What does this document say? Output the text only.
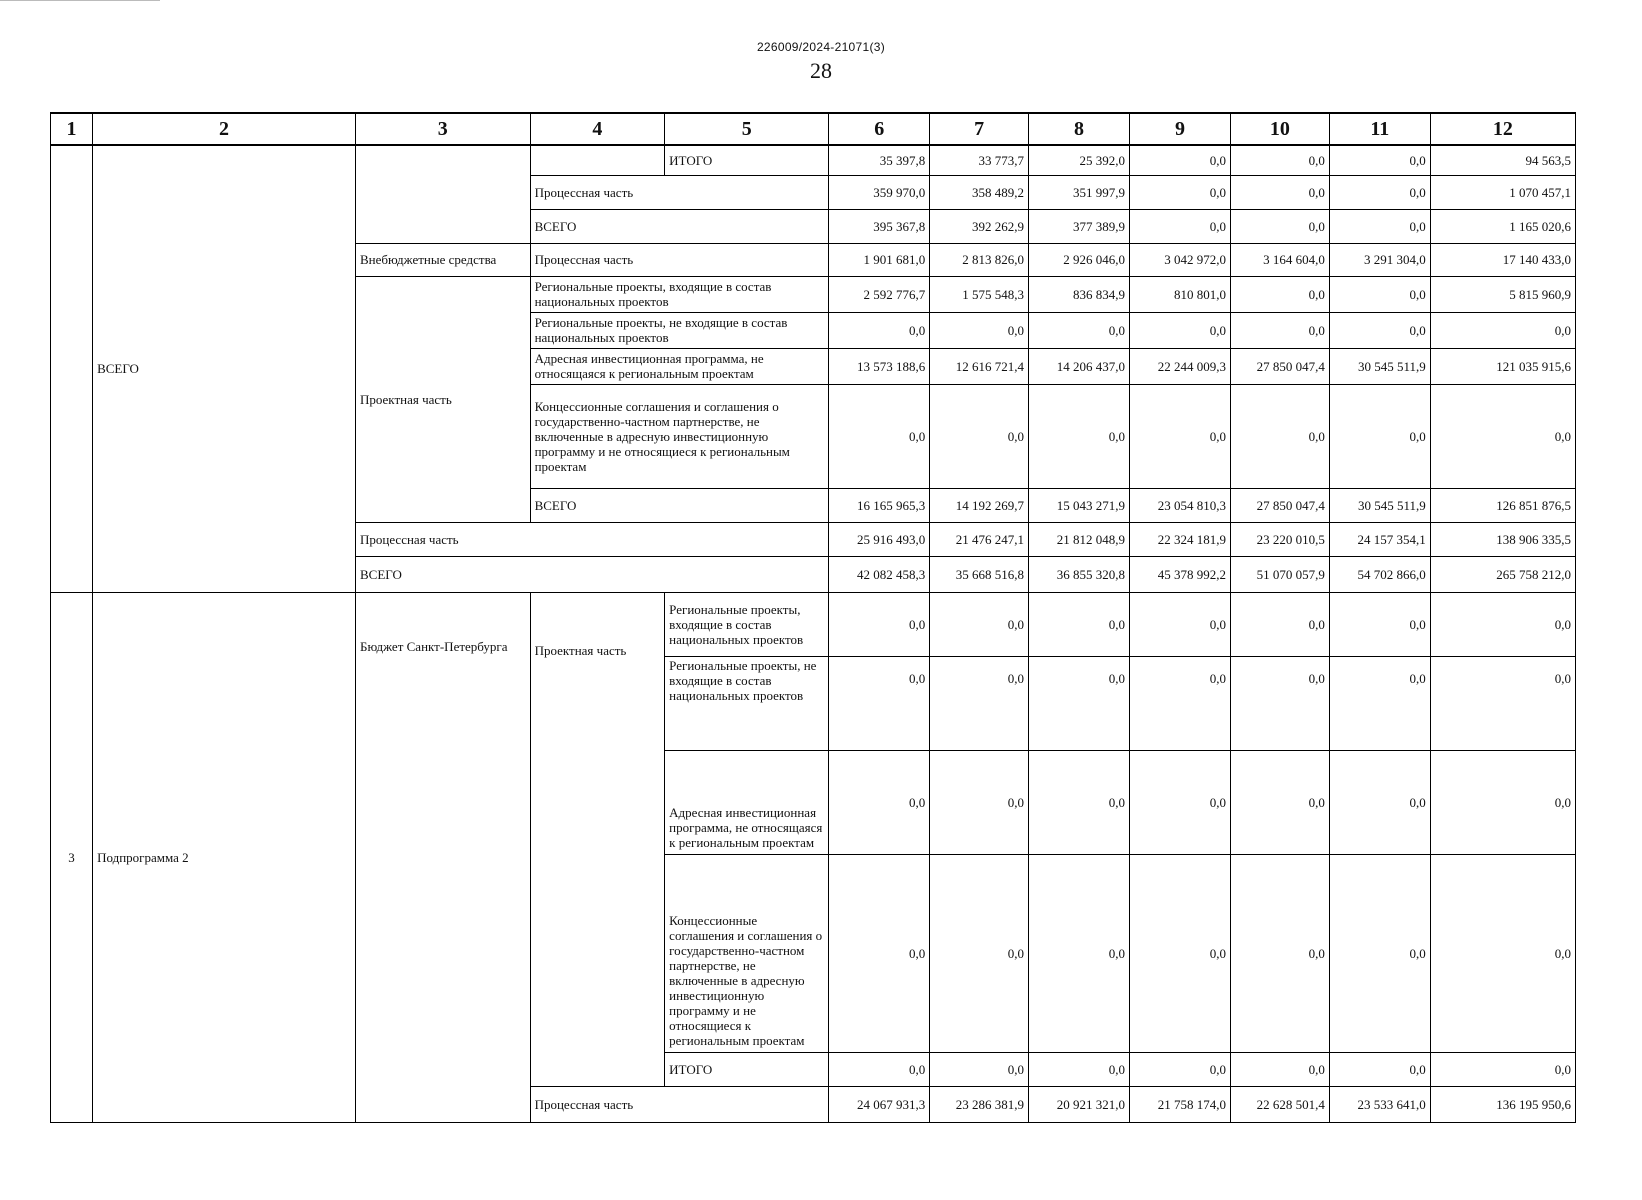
226009/2024-21071(3)
28
1	2	3	4	5	6	7	8	9	10	11	12
	ВСЕГО			ИТОГО	35 397,8	33 773,7	25 392,0	0,0	0,0	0,0	94 563,5
			Процессная часть		359 970,0	358 489,2	351 997,9	0,0	0,0	0,0	1 070 457,1
			ВСЕГО		395 367,8	392 262,9	377 389,9	0,0	0,0	0,0	1 165 020,6
		Внебюджетные средства	Процессная часть		1 901 681,0	2 813 826,0	2 926 046,0	3 042 972,0	3 164 604,0	3 291 304,0	17 140 433,0
		Проектная часть	Региональные проекты, входящие в состав национальных проектов		2 592 776,7	1 575 548,3	836 834,9	810 801,0	0,0	0,0	5 815 960,9
			Региональные проекты, не входящие в состав национальных проектов		0,0	0,0	0,0	0,0	0,0	0,0	0,0
			Адресная инвестиционная программа, не относящаяся к региональным проектам		13 573 188,6	12 616 721,4	14 206 437,0	22 244 009,3	27 850 047,4	30 545 511,9	121 035 915,6
			Концессионные соглашения и соглашения о государственно-частном партнерстве, не включенные в адресную инвестиционную программу и не относящиеся к региональным проектам		0,0	0,0	0,0	0,0	0,0	0,0	0,0
			ВСЕГО		16 165 965,3	14 192 269,7	15 043 271,9	23 054 810,3	27 850 047,4	30 545 511,9	126 851 876,5
		Процессная часть			25 916 493,0	21 476 247,1	21 812 048,9	22 324 181,9	23 220 010,5	24 157 354,1	138 906 335,5
		ВСЕГО			42 082 458,3	35 668 516,8	36 855 320,8	45 378 992,2	51 070 057,9	54 702 866,0	265 758 212,0
3	Подпрограмма 2	Бюджет Санкт-Петербурга	Проектная часть	Региональные проекты, входящие в состав национальных проектов	0,0	0,0	0,0	0,0	0,0	0,0	0,0
				Региональные проекты, не входящие в состав национальных проектов	0,0	0,0	0,0	0,0	0,0	0,0	0,0
				Адресная инвестиционная программа, не относящаяся к региональным проектам	0,0	0,0	0,0	0,0	0,0	0,0	0,0
				Концессионные соглашения и соглашения о государственно-частном партнерстве, не включенные в адресную инвестиционную программу и не относящиеся к региональным проектам	0,0	0,0	0,0	0,0	0,0	0,0	0,0
				ИТОГО	0,0	0,0	0,0	0,0	0,0	0,0	0,0
			Процессная часть		24 067 931,3	23 286 381,9	20 921 321,0	21 758 174,0	22 628 501,4	23 533 641,0	136 195 950,6
